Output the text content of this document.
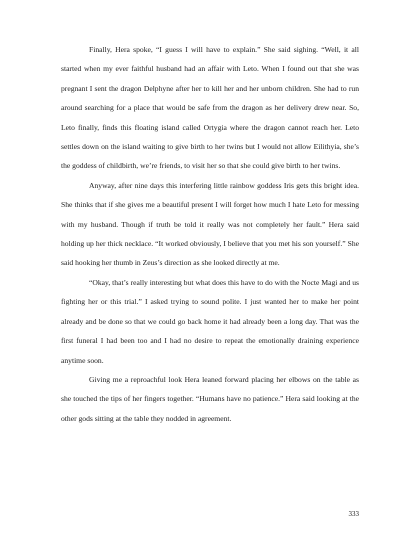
Finally, Hera spoke, “I guess I will have to explain.” She said sighing. “Well, it all started when my ever faithful husband had an affair with Leto. When I found out that she was pregnant I sent the dragon Delphyne after her to kill her and her unborn children. She had to run around searching for a place that would be safe from the dragon as her delivery drew near. So, Leto finally, finds this floating island called Ortygia where the dragon cannot reach her. Leto settles down on the island waiting to give birth to her twins but I would not allow Eilithyia, she’s the goddess of childbirth, we’re friends, to visit her so that she could give birth to her twins.

Anyway, after nine days this interfering little rainbow goddess Iris gets this bright idea. She thinks that if she gives me a beautiful present I will forget how much I hate Leto for messing with my husband. Though if truth be told it really was not completely her fault.” Hera said holding up her thick necklace. “It worked obviously, I believe that you met his son yourself.” She said hooking her thumb in Zeus’s direction as she looked directly at me.

“Okay, that’s really interesting but what does this have to do with the Nocte Magi and us fighting her or this trial.” I asked trying to sound polite. I just wanted her to make her point already and be done so that we could go back home it had already been a long day. That was the first funeral I had been too and I had no desire to repeat the emotionally draining experience anytime soon.

Giving me a reproachful look Hera leaned forward placing her elbows on the table as she touched the tips of her fingers together. “Humans have no patience.” Hera said looking at the other gods sitting at the table they nodded in agreement.

333
